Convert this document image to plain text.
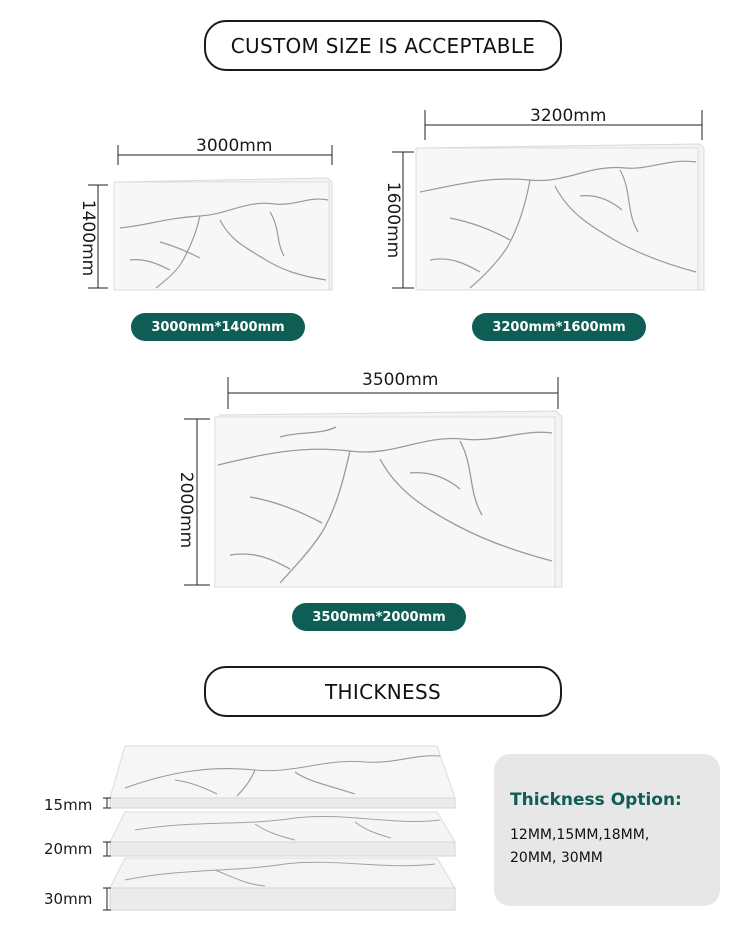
CUSTOM SIZE IS ACCEPTABLE
3000mm
1400mm
3000mm*1400mm
3200mm
1600mm
3200mm*1600mm
3500mm
2000mm
3500mm*2000mm
THICKNESS
15mm
20mm
30mm
Thickness Option:
12MM,15MM,18MM,
20MM, 30MM
